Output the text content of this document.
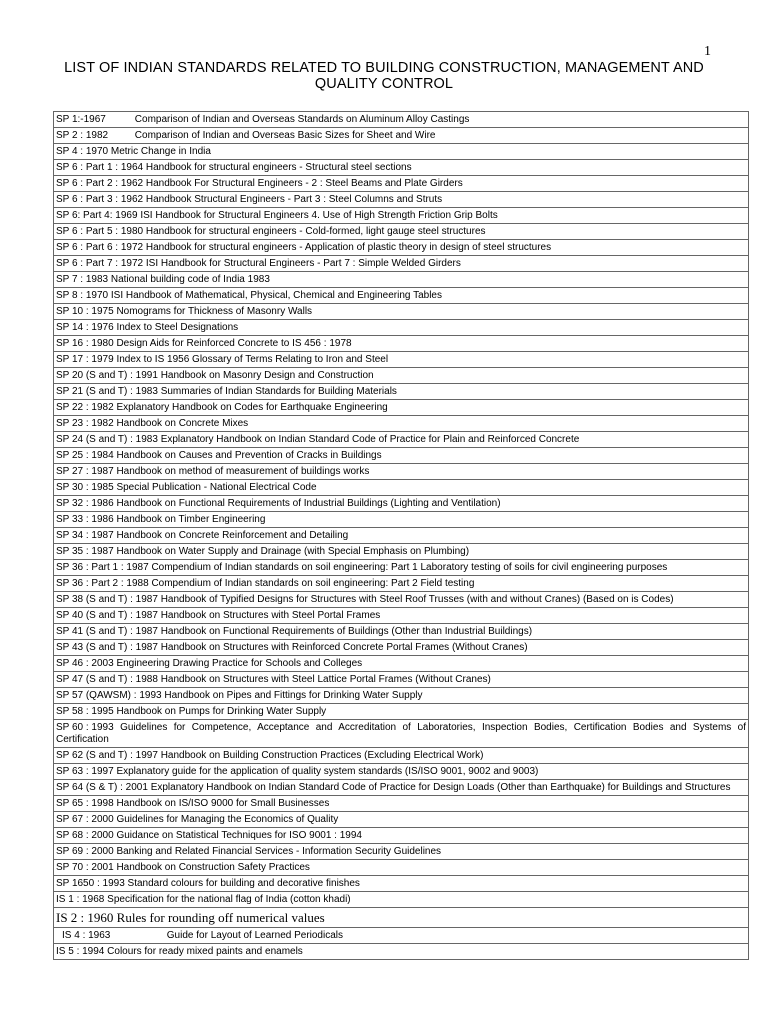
1
LIST OF INDIAN STANDARDS RELATED TO BUILDING CONSTRUCTION, MANAGEMENT AND QUALITY CONTROL
SP 1:-1967	Comparison of Indian and Overseas Standards on Aluminum Alloy Castings
SP 2 : 1982	Comparison of Indian and Overseas Basic Sizes for Sheet and Wire
SP 4 : 1970 Metric Change in India
SP 6 : Part 1 : 1964 Handbook for structural engineers - Structural steel sections
SP 6 : Part 2 : 1962 Handbook For Structural Engineers - 2 : Steel Beams and Plate Girders
SP 6 : Part 3 : 1962 Handbook Structural Engineers - Part 3 : Steel Columns and Struts
SP 6: Part 4: 1969 ISI Handbook for Structural Engineers 4. Use of High Strength Friction Grip Bolts
SP 6 : Part 5 : 1980 Handbook for structural engineers - Cold-formed, light gauge steel structures
SP 6 : Part 6 : 1972 Handbook for structural engineers - Application of plastic theory in design of steel structures
SP 6 : Part 7 : 1972 ISI Handbook for Structural Engineers - Part 7 : Simple Welded Girders
SP 7 : 1983 National building code of India 1983
SP 8 : 1970 ISI Handbook of Mathematical, Physical, Chemical and Engineering Tables
SP 10 : 1975 Nomograms for Thickness of Masonry Walls
SP 14 : 1976 Index to Steel Designations
SP 16 : 1980 Design Aids for Reinforced Concrete to IS 456 : 1978
SP 17 : 1979 Index to IS 1956 Glossary of Terms Relating to Iron and Steel
SP 20 (S and T) : 1991 Handbook on Masonry Design and Construction
SP 21 (S and T) : 1983 Summaries of Indian Standards for Building Materials
SP 22 : 1982 Explanatory Handbook on Codes for Earthquake Engineering
SP 23 : 1982 Handbook on Concrete Mixes
SP 24 (S and T) : 1983 Explanatory Handbook on Indian Standard Code of Practice for Plain and Reinforced Concrete
SP 25 : 1984 Handbook on Causes and Prevention of Cracks in Buildings
SP 27 : 1987 Handbook on method of measurement of buildings works
SP 30 : 1985 Special Publication - National Electrical Code
SP 32 : 1986 Handbook on Functional Requirements of Industrial Buildings (Lighting and Ventilation)
SP 33 : 1986 Handbook on Timber Engineering
SP 34 : 1987 Handbook on Concrete Reinforcement and Detailing
SP 35 : 1987 Handbook on Water Supply and Drainage (with Special Emphasis on Plumbing)
SP 36 : Part 1 : 1987 Compendium of Indian standards on soil engineering: Part 1 Laboratory testing of soils for civil engineering purposes
SP 36 : Part 2 : 1988 Compendium of Indian standards on soil engineering: Part 2 Field testing
SP 38 (S and T) : 1987 Handbook of Typified Designs for Structures with Steel Roof Trusses (with and without Cranes) (Based on is Codes)
SP 40 (S and T) : 1987 Handbook on Structures with Steel Portal Frames
SP 41 (S and T) : 1987 Handbook on Functional Requirements of Buildings (Other than Industrial Buildings)
SP 43 (S and T) : 1987 Handbook on Structures with Reinforced Concrete Portal Frames (Without Cranes)
SP 46 : 2003 Engineering Drawing Practice for Schools and Colleges
SP 47 (S and T) : 1988 Handbook on Structures with Steel Lattice Portal Frames (Without Cranes)
SP 57 (QAWSM) : 1993 Handbook on Pipes and Fittings for Drinking Water Supply
SP 58 : 1995 Handbook on Pumps for Drinking Water Supply
SP 60 : 1993 Guidelines for Competence, Acceptance and Accreditation of Laboratories, Inspection Bodies, Certification Bodies and Systems of Certification
SP 62 (S and T) : 1997 Handbook on Building Construction Practices (Excluding Electrical Work)
SP 63 : 1997 Explanatory guide for the application of quality system standards (IS/ISO 9001, 9002 and 9003)
SP 64 (S & T) : 2001 Explanatory Handbook on Indian Standard Code of Practice for Design Loads (Other than Earthquake) for Buildings and Structures
SP 65 : 1998 Handbook on IS/ISO 9000 for Small Businesses
SP 67 : 2000 Guidelines for Managing the Economics of Quality
SP 68 : 2000 Guidance on Statistical Techniques for ISO 9001 : 1994
SP 69 : 2000 Banking and Related Financial Services - Information Security Guidelines
SP 70 : 2001 Handbook on Construction Safety Practices
SP 1650 : 1993 Standard colours for building and decorative finishes
IS 1 : 1968 Specification for the national flag of India (cotton khadi)
IS 2 : 1960 Rules for rounding off numerical values
IS 4 : 1963	Guide for Layout of Learned Periodicals
IS 5 : 1994 Colours for ready mixed paints and enamels
